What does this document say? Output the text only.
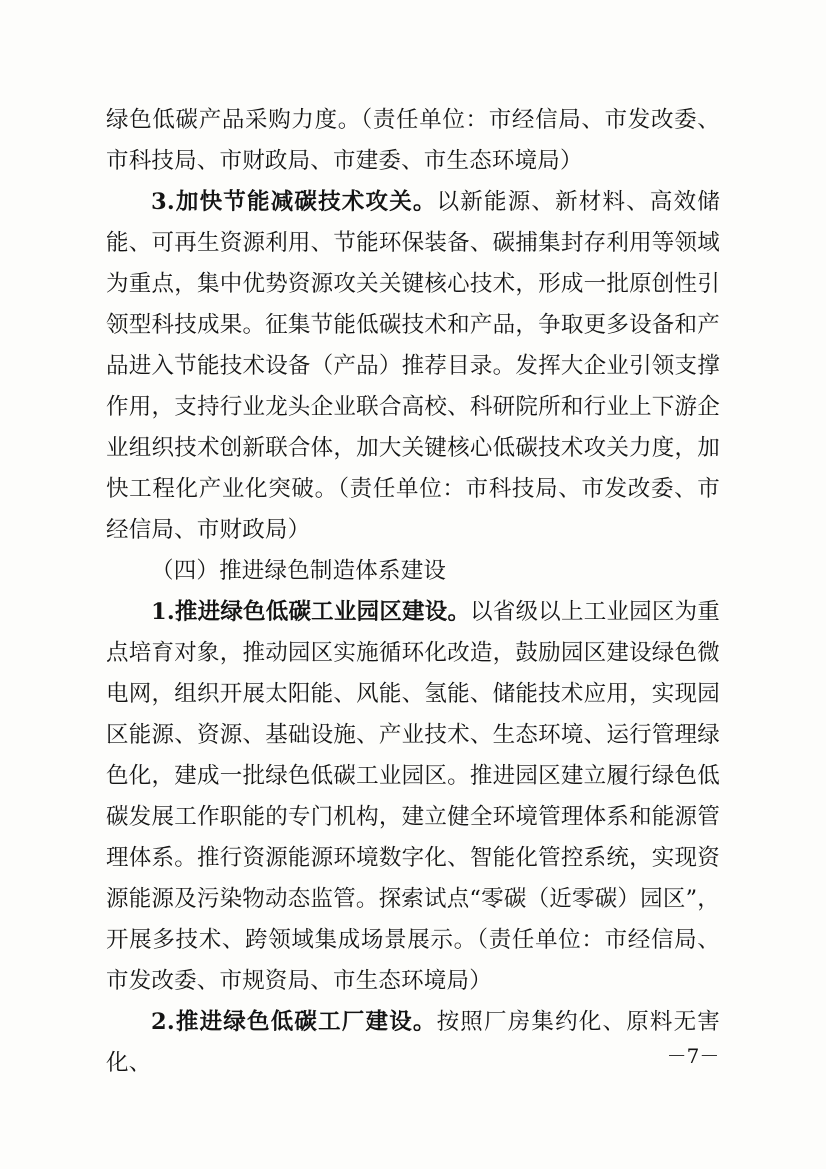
绿色低碳产品采购力度。（责任单位：市经信局、市发改委、市科技局、市财政局、市建委、市生态环境局）

3.加快节能减碳技术攻关。以新能源、新材料、高效储能、可再生资源利用、节能环保装备、碳捕集封存利用等领域为重点，集中优势资源攻关关键核心技术，形成一批原创性引领型科技成果。征集节能低碳技术和产品，争取更多设备和产品进入节能技术设备（产品）推荐目录。发挥大企业引领支撑作用，支持行业龙头企业联合高校、科研院所和行业上下游企业组织技术创新联合体，加大关键核心低碳技术攻关力度，加快工程化产业化突破。（责任单位：市科技局、市发改委、市经信局、市财政局）

（四）推进绿色制造体系建设

1.推进绿色低碳工业园区建设。以省级以上工业园区为重点培育对象，推动园区实施循环化改造，鼓励园区建设绿色微电网，组织开展太阳能、风能、氢能、储能技术应用，实现园区能源、资源、基础设施、产业技术、生态环境、运行管理绿色化，建成一批绿色低碳工业园区。推进园区建立履行绿色低碳发展工作职能的专门机构，建立健全环境管理体系和能源管理体系。推行资源能源环境数字化、智能化管控系统，实现资源能源及污染物动态监管。探索试点“零碳（近零碳）园区”，开展多技术、跨领域集成场景展示。（责任单位：市经信局、市发改委、市规资局、市生态环境局）

2.推进绿色低碳工厂建设。按照厂房集约化、原料无害化、	－7－
